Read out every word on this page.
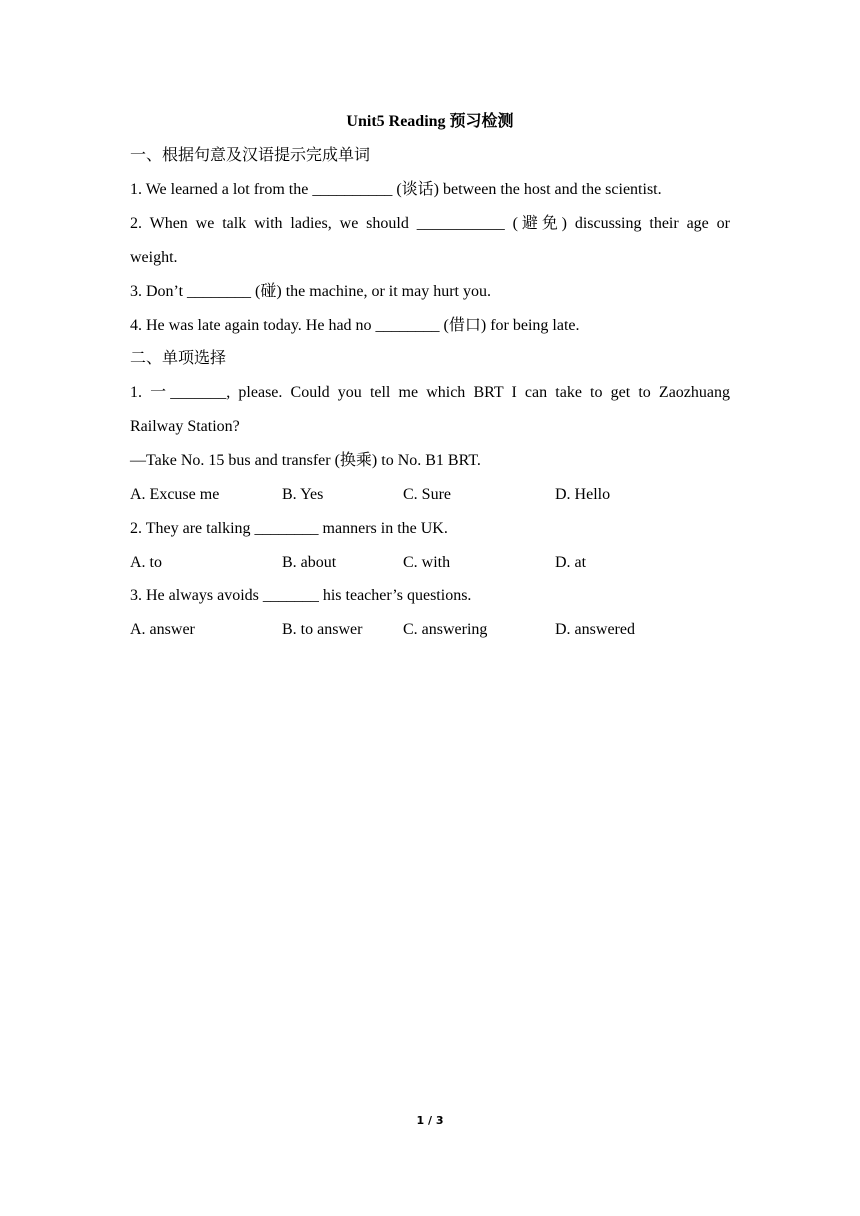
Unit5 Reading 预习检测
一、根据句意及汉语提示完成单词
1. We learned a lot from the __________ (谈话) between the host and the scientist.
2. When we talk with ladies, we should ___________ (避免) discussing their age or
weight.
3. Don’t ________ (碰) the machine, or it may hurt you.
4. He was late again today. He had no ________ (借口) for being late.
二、单项选择
1. 一_______, please. Could you tell me which BRT I can take to get to Zaozhuang
Railway Station?
—Take No. 15 bus and transfer (换乘) to No. B1 BRT.
A. Excuse me	B. Yes	C. Sure	D. Hello
2. They are talking ________ manners in the UK.
A. to	B. about	C. with	D. at
3. He always avoids _______ his teacher’s questions.
A. answer	B. to answer	C. answering	D. answered
1 / 3
